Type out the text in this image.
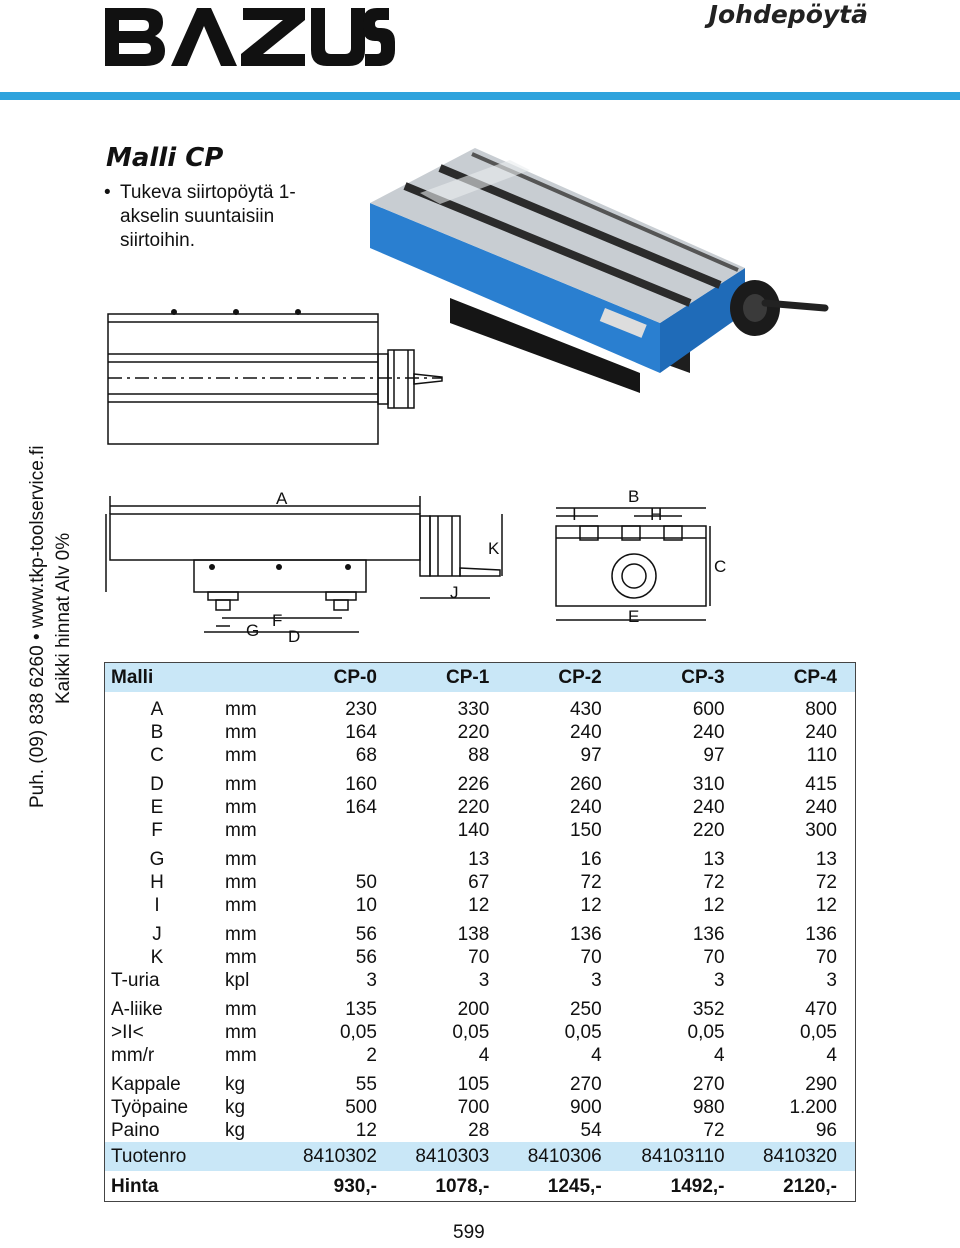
Johdepöytä
Puh. (09) 838 6260 • www.tkp-toolservice.fi Kaikki hinnat Alv 0%
Malli CP
• Tukeva siirtopöytä 1-akselin suuntaisiin siirtoihin.
A
J
K
F
G D
B
I	H
C
E
Malli		CP-0	CP-1	CP-2	CP-3	CP-4
A	mm	230	330	430	600	800
B	mm	164	220	240	240	240
C	mm	68	88	97	97	110
D	mm	160	226	260	310	415
E	mm	164	220	240	240	240
F	mm		140	150	220	300
G	mm		13	16	13	13
H	mm	50	67	72	72	72
I	mm	10	12	12	12	12
J	mm	56	138	136	136	136
K	mm	56	70	70	70	70
T-uria	kpl	3	3	3	3	3
A-liike	mm	135	200	250	352	470
>II<	mm	0,05	0,05	0,05	0,05	0,05
mm/r	mm	2	4	4	4	4
Kappale	kg	55	105	270	270	290
Työpaine	kg	500	700	900	980	1.200
Paino	kg	12	28	54	72	96
Tuotenro		8410302	8410303	8410306	84103110	8410320
Hinta		930,-	1078,-	1245,-	1492,-	2120,-
599
